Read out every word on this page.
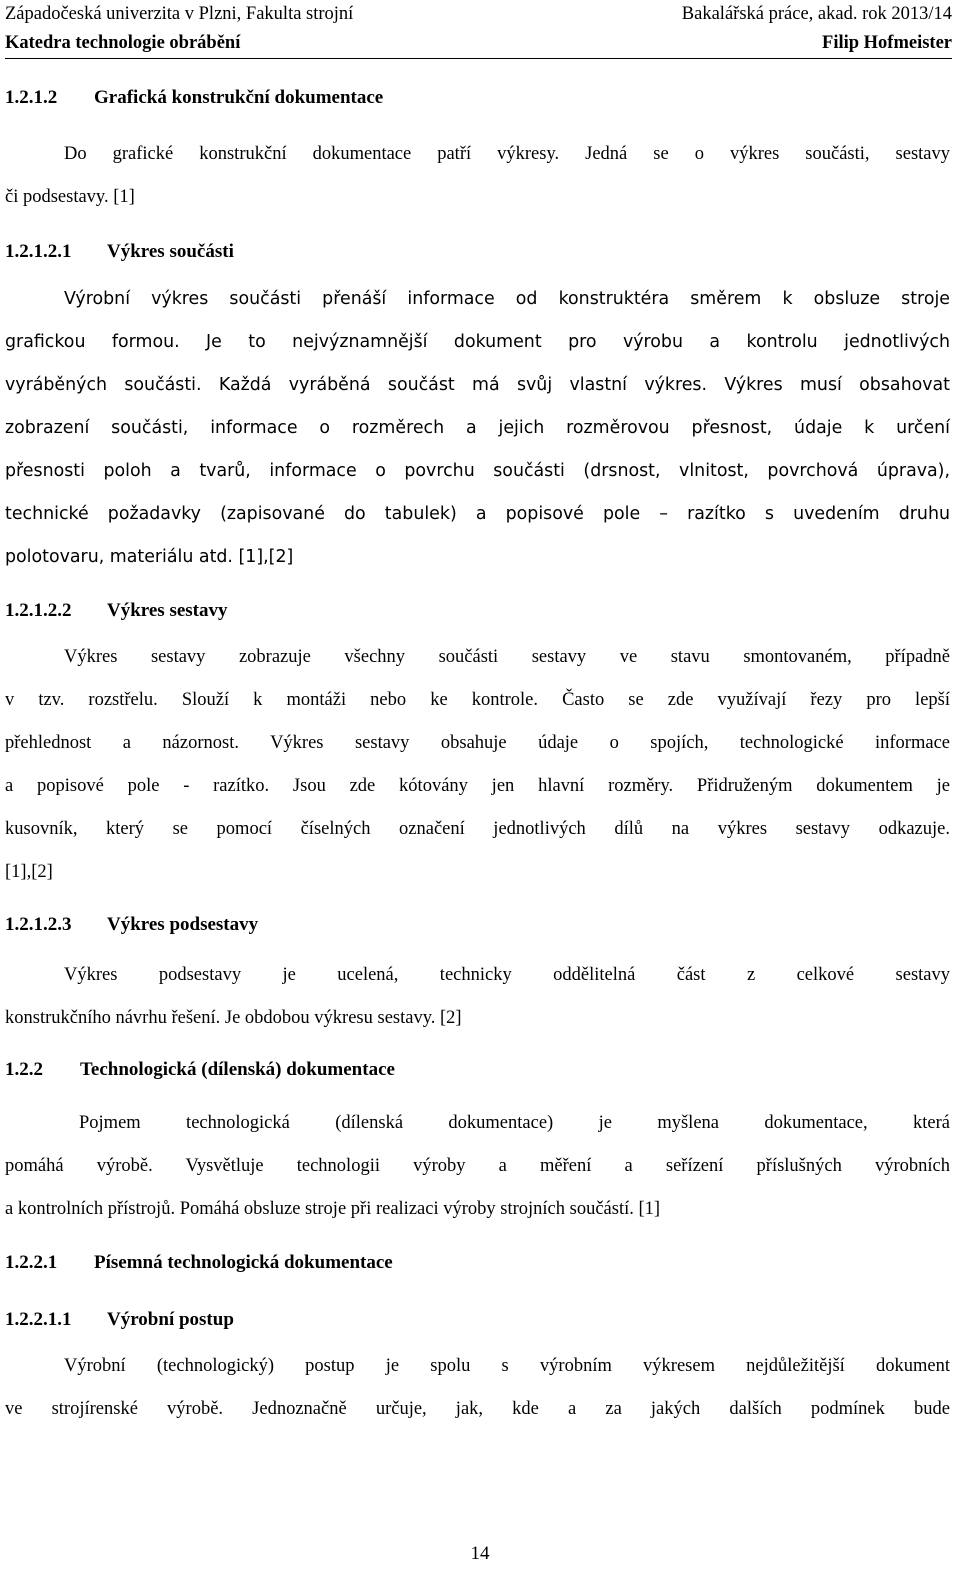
Západočeská univerzita v Plzni, Fakulta strojní	Bakalářská práce, akad. rok 2013/14
Katedra technologie obrábění	Filip Hofmeister
1.2.1.2	Grafická konstrukční dokumentace
Do grafické konstrukční dokumentace patří výkresy. Jedná se o výkres součásti, sestavy
či podsestavy. [1]
1.2.1.2.1	Výkres součásti
Výrobní výkres součásti přenáší informace od konstruktéra směrem k obsluze stroje
grafickou formou. Je to nejvýznamnější dokument pro výrobu a kontrolu jednotlivých
vyráběných součásti. Každá vyráběná součást má svůj vlastní výkres. Výkres musí obsahovat
zobrazení součásti, informace o rozměrech a jejich rozměrovou přesnost, údaje k určení
přesnosti poloh a tvarů, informace o povrchu součásti (drsnost, vlnitost, povrchová úprava),
technické požadavky (zapisované do tabulek) a popisové pole – razítko s uvedením druhu
polotovaru, materiálu atd. [1],[2]
1.2.1.2.2	Výkres sestavy
Výkres sestavy zobrazuje všechny součásti sestavy ve stavu smontovaném, případně
v tzv. rozstřelu. Slouží k montáži nebo ke kontrole. Často se zde využívají řezy pro lepší
přehlednost a názornost. Výkres sestavy obsahuje údaje o spojích, technologické informace
a popisové pole - razítko. Jsou zde kótovány jen hlavní rozměry. Přidruženým dokumentem je
kusovník, který se pomocí číselných označení jednotlivých dílů na výkres sestavy odkazuje.
[1],[2]
1.2.1.2.3	Výkres podsestavy
Výkres podsestavy je ucelená, technicky oddělitelná část z celkové sestavy
konstrukčního návrhu řešení. Je obdobou výkresu sestavy. [2]
1.2.2	Technologická (dílenská) dokumentace
Pojmem technologická (dílenská dokumentace) je myšlena dokumentace, která
pomáhá výrobě. Vysvětluje technologii výroby a měření a seřízení příslušných výrobních
a kontrolních přístrojů. Pomáhá obsluze stroje při realizaci výroby strojních součástí. [1]
1.2.2.1	Písemná technologická dokumentace
1.2.2.1.1	Výrobní postup
Výrobní (technologický) postup je spolu s výrobním výkresem nejdůležitější dokument
ve strojírenské výrobě. Jednoznačně určuje, jak, kde a za jakých dalších podmínek bude
14
